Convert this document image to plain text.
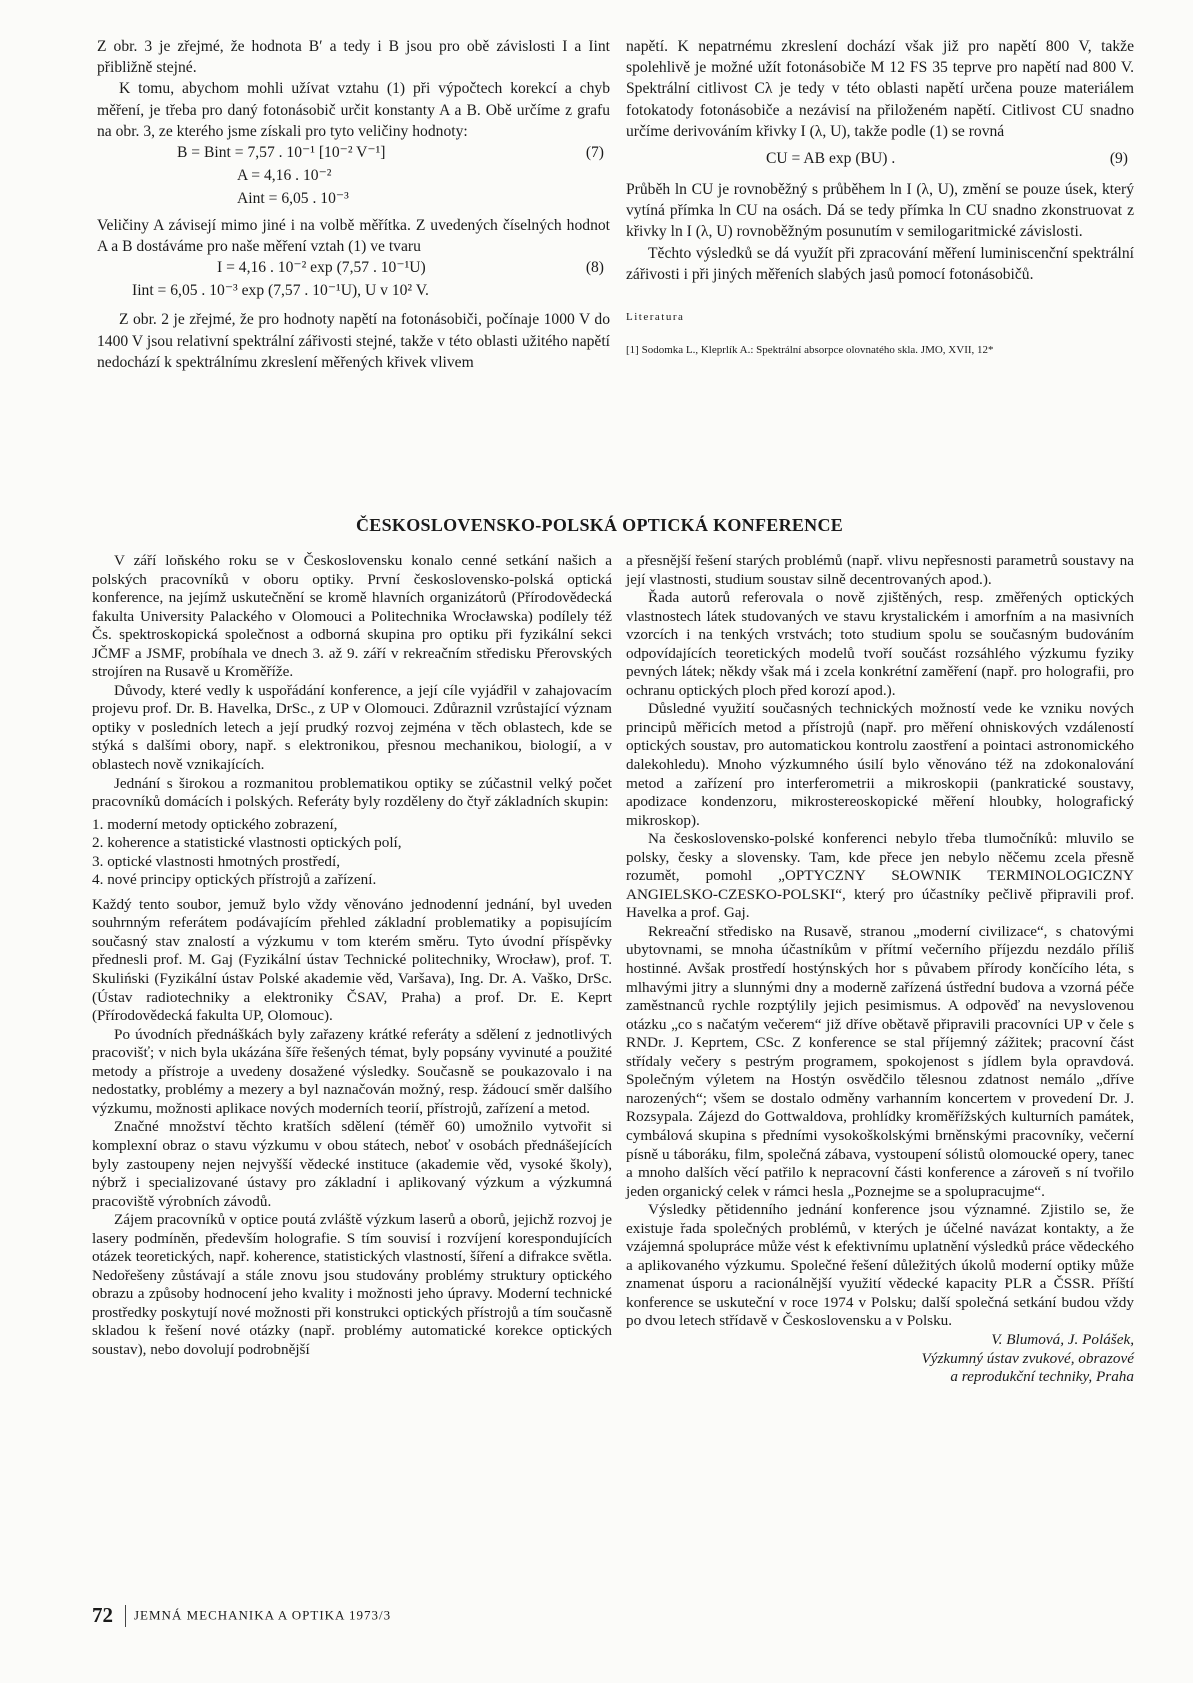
Z obr. 3 je zřejmé, že hodnota B′ a tedy i B jsou pro obě závislosti I a Iint přibližně stejné.

K tomu, abychom mohli užívat vztahu (1) při výpočtech korekcí a chyb měření, je třeba pro daný fotonásobič určit konstanty A a B. Obě určíme z grafu na obr. 3, ze kterého jsme získali pro tyto veličiny hodnoty:

B = Bint = 7,57 . 10⁻¹ [10⁻² V⁻¹]	(7)
A = 4,16 . 10⁻²
Aint = 6,05 . 10⁻³

Veličiny A závisejí mimo jiné i na volbě měřítka. Z uvedených číselných hodnot A a B dostáváme pro naše měření vztah (1) ve tvaru

I = 4,16 . 10⁻² exp (7,57 . 10⁻¹U)	(8)
Iint = 6,05 . 10⁻³ exp (7,57 . 10⁻¹U), U v 10² V.

Z obr. 2 je zřejmé, že pro hodnoty napětí na fotonásobiči, počínaje 1000 V do 1400 V jsou relativní spektrální zářivosti stejné, takže v této oblasti užitého napětí nedochází k spektrálnímu zkreslení měřených křivek vlivem

napětí. K nepatrnému zkreslení dochází však již pro napětí 800 V, takže spolehlivě je možné užít fotonásobiče M 12 FS 35 teprve pro napětí nad 800 V. Spektrální citlivost Cλ je tedy v této oblasti napětí určena pouze materiálem fotokatody fotonásobiče a nezávisí na přiloženém napětí. Citlivost CU snadno určíme derivováním křivky I (λ, U), takže podle (1) se rovná

CU = AB exp (BU) .	(9)

Průběh ln CU je rovnoběžný s průběhem ln I (λ, U), změní se pouze úsek, který vytíná přímka ln CU na osách. Dá se tedy přímka ln CU snadno zkonstruovat z křivky ln I (λ, U) rovnoběžným posunutím v semilogaritmické závislosti.

Těchto výsledků se dá využít při zpracování měření luminiscenční spektrální zářivosti i při jiných měřeních slabých jasů pomocí fotonásobičů.

Literatura
[1] Sodomka L., Kleprlík A.: Spektrální absorpce olovnatého skla. JMO, XVII, 12*
ČESKOSLOVENSKO-POLSKÁ OPTICKÁ KONFERENCE

V září loňského roku se v Československu konalo cenné setkání našich a polských pracovníků v oboru optiky. První československo-polská optická konference, na jejímž uskutečnění se kromě hlavních organizátorů (Přírodovědecká fakulta University Palackého v Olomouci a Politechnika Wrocławska) podílely též Čs. spektroskopická společnost a odborná skupina pro optiku při fyzikální sekci JČMF a JSMF, probíhala ve dnech 3. až 9. září v rekreačním středisku Přerovských strojíren na Rusavě u Kroměříže.

Důvody, které vedly k uspořádání konference, a její cíle vyjádřil v zahajovacím projevu prof. Dr. B. Havelka, DrSc., z UP v Olomouci. Zdůraznil vzrůstající význam optiky v posledních letech a její prudký rozvoj zejména v těch oblastech, kde se stýká s dalšími obory, např. s elektronikou, přesnou mechanikou, biologií, a v oblastech nově vznikajících.

Jednání s širokou a rozmanitou problematikou optiky se zúčastnil velký počet pracovníků domácích i polských. Referáty byly rozděleny do čtyř základních skupin:

1. moderní metody optického zobrazení,
2. koherence a statistické vlastnosti optických polí,
3. optické vlastnosti hmotných prostředí,
4. nové principy optických přístrojů a zařízení.

Každý tento soubor, jemuž bylo vždy věnováno jednodenní jednání, byl uveden souhrnným referátem podávajícím přehled základní problematiky a popisujícím současný stav znalostí a výzkumu v tom kterém směru. Tyto úvodní příspěvky přednesli prof. M. Gaj (Fyzikální ústav Technické politechniky, Wrocław), prof. T. Skuliński (Fyzikální ústav Polské akademie věd, Varšava), Ing. Dr. A. Vaško, DrSc. (Ústav radiotechniky a elektroniky ČSAV, Praha) a prof. Dr. E. Keprt (Přírodovědecká fakulta UP, Olomouc).

Po úvodních přednáškách byly zařazeny krátké referáty a sdělení z jednotlivých pracovišť; v nich byla ukázána šíře řešených témat, byly popsány vyvinuté a použité metody a přístroje a uvedeny dosažené výsledky. Současně se poukazovalo i na nedostatky, problémy a mezery a byl naznačován možný, resp. žádoucí směr dalšího výzkumu, možnosti aplikace nových moderních teorií, přístrojů, zařízení a metod.

Značné množství těchto kratších sdělení (téměř 60) umožnilo vytvořit si komplexní obraz o stavu výzkumu v obou státech, neboť v osobách přednášejících byly zastoupeny nejen nejvyšší vědecké instituce (akademie věd, vysoké školy), nýbrž i specializované ústavy pro základní i aplikovaný výzkum a výzkumná pracoviště výrobních závodů.

Zájem pracovníků v optice poutá zvláště výzkum laserů a oborů, jejichž rozvoj je lasery podmíněn, především holografie. S tím souvisí i rozvíjení korespondujících otázek teoretických, např. koherence, statistických vlastností, šíření a difrakce světla. Nedořešeny zůstávají a stále znovu jsou studovány problémy struktury optického obrazu a způsoby hodnocení jeho kvality i možnosti jeho úpravy. Moderní technické prostředky poskytují nové možnosti při konstrukci optických přístrojů a tím současně skladou k řešení nové otázky (např. problémy automatické korekce optických soustav), nebo dovolují podrobnější

a přesnější řešení starých problémů (např. vlivu nepřesnosti parametrů soustavy na její vlastnosti, studium soustav silně decentrovaných apod.).

Řada autorů referovala o nově zjištěných, resp. změřených optických vlastnostech látek studovaných ve stavu krystalickém i amorfním a na masivních vzorcích i na tenkých vrstvách; toto studium spolu se současným budováním odpovídajících teoretických modelů tvoří součást rozsáhlého výzkumu fyziky pevných látek; někdy však má i zcela konkrétní zaměření (např. pro holografii, pro ochranu optických ploch před korozí apod.).

Důsledné využití současných technických možností vede ke vzniku nových principů měřicích metod a přístrojů (např. pro měření ohniskových vzdáleností optických soustav, pro automatickou kontrolu zaostření a pointaci astronomického dalekohledu). Mnoho výzkumného úsilí bylo věnováno též na zdokonalování metod a zařízení pro interferometrii a mikroskopii (pankratické soustavy, apodizace kondenzoru, mikrostereoskopické měření hloubky, holografický mikroskop).

Na československo-polské konferenci nebylo třeba tlumočníků: mluvilo se polsky, česky a slovensky. Tam, kde přece jen nebylo něčemu zcela přesně rozumět, pomohl „OPTYCZNY SŁOWNIK TERMINOLOGICZNY ANGIELSKO-CZESKO-POLSKI“, který pro účastníky pečlivě připravili prof. Havelka a prof. Gaj.

Rekreační středisko na Rusavě, stranou „moderní civilizace“, s chatovými ubytovnami, se mnoha účastníkům v přítmí večerního příjezdu nezdálo příliš hostinné. Avšak prostředí hostýnských hor s půvabem přírody končícího léta, s mlhavými jitry a slunnými dny a moderně zařízená ústřední budova a vzorná péče zaměstnanců rychle rozptýlily jejich pesimismus. A odpověď na nevyslovenou otázku „co s načatým večerem“ již dříve obětavě připravili pracovníci UP v čele s RNDr. J. Keprtem, CSc. Z konference se stal příjemný zážitek; pracovní část střídaly večery s pestrým programem, spokojenost s jídlem byla opravdová. Společným výletem na Hostýn osvědčilo tělesnou zdatnost nemálo „dříve narozených“; všem se dostalo odměny varhanním koncertem v provedení Dr. J. Rozsypala. Zájezd do Gottwaldova, prohlídky kroměřížských kulturních památek, cymbálová skupina s předními vysokoškolskými brněnskými pracovníky, večerní písně u táboráku, film, společná zábava, vystoupení sólistů olomoucké opery, tanec a mnoho dalších věcí patřilo k nepracovní části konference a zároveň s ní tvořilo jeden organický celek v rámci hesla „Poznejme se a spolupracujme“.

Výsledky pětidenního jednání konference jsou významné. Zjistilo se, že existuje řada společných problémů, v kterých je účelné navázat kontakty, a že vzájemná spolupráce může vést k efektivnímu uplatnění výsledků práce vědeckého a aplikovaného výzkumu. Společné řešení důležitých úkolů moderní optiky může znamenat úsporu a racionálnější využití vědecké kapacity PLR a ČSSR. Příští konference se uskuteční v roce 1974 v Polsku; další společná setkání budou vždy po dvou letech střídavě v Československu a v Polsku.

V. Blumová, J. Polášek,
Výzkumný ústav zvukové, obrazové
a reprodukční techniky, Praha
72 JEMNÁ MECHANIKA A OPTIKA 1973/3
